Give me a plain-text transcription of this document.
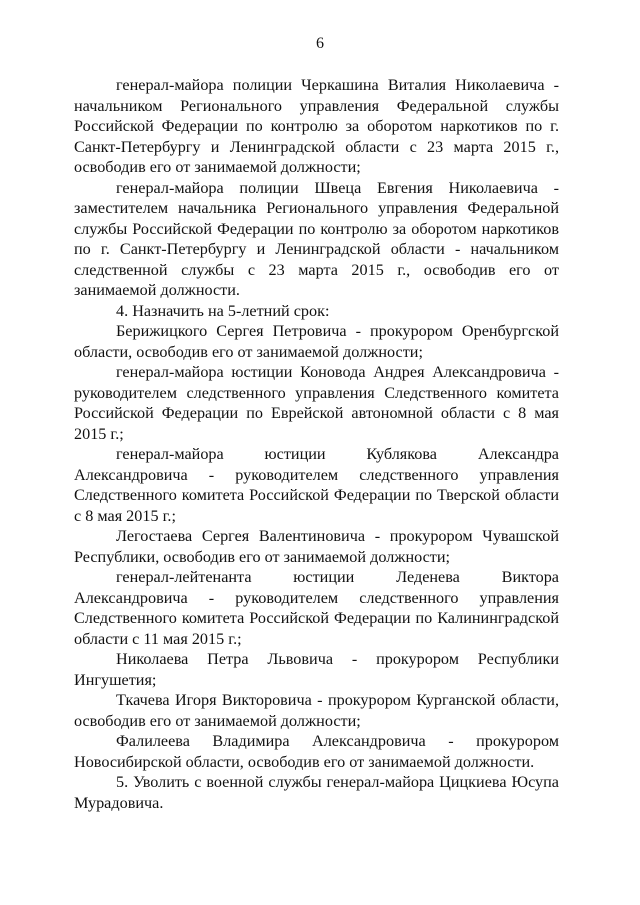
6

генерал-майора полиции Черкашина Виталия Николаевича - начальником Регионального управления Федеральной службы Российской Федерации по контролю за оборотом наркотиков по г. Санкт-Петербургу и Ленинградской области с 23 марта 2015 г., освободив его от занимаемой должности;

генерал-майора полиции Швеца Евгения Николаевича - заместителем начальника Регионального управления Федеральной службы Российской Федерации по контролю за оборотом наркотиков по г. Санкт-Петербургу и Ленинградской области - начальником следственной службы с 23 марта 2015 г., освободив его от занимаемой должности.

4. Назначить на 5-летний срок:

Берижицкого Сергея Петровича - прокурором Оренбургской области, освободив его от занимаемой должности;

генерал-майора юстиции Коновода Андрея Александровича - руководителем следственного управления Следственного комитета Российской Федерации по Еврейской автономной области с 8 мая 2015 г.;

генерал-майора юстиции Кублякова Александра Александровича - руководителем следственного управления Следственного комитета Российской Федерации по Тверской области с 8 мая 2015 г.;

Легостаева Сергея Валентиновича - прокурором Чувашской Республики, освободив его от занимаемой должности;

генерал-лейтенанта юстиции Леденева Виктора Александровича - руководителем следственного управления Следственного комитета Российской Федерации по Калининградской области с 11 мая 2015 г.;

Николаева Петра Львовича - прокурором Республики Ингушетия;

Ткачева Игоря Викторовича - прокурором Курганской области, освободив его от занимаемой должности;

Фалилеева Владимира Александровича - прокурором Новосибирской области, освободив его от занимаемой должности.

5. Уволить с военной службы генерал-майора Цицкиева Юсупа Мурадовича.
